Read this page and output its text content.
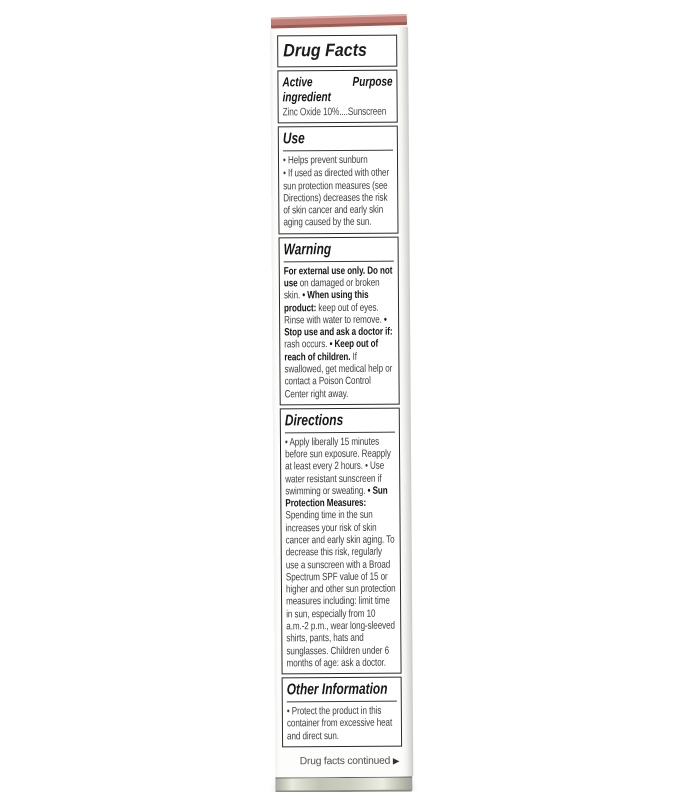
Drug Facts
Active ingredient
Purpose
Zinc Oxide 10%....Sunscreen
Use

• Helps prevent sunburn

• If used as directed with other sun protection measures (see Directions) decreases the risk of skin cancer and early skin aging caused by the sun.

Warning

For external use only. Do not use on damaged or broken skin. • When using this product: keep out of eyes. Rinse with water to remove. • Stop use and ask a doctor if: rash occurs. • Keep out of reach of children. If swallowed, get medical help or contact a Poison Control Center right away.

Directions

• Apply liberally 15 minutes before sun exposure. Reapply at least every 2 hours. • Use water resistant sunscreen if swimming or sweating. • Sun Protection Measures: Spending time in the sun increases your risk of skin cancer and early skin aging. To decrease this risk, regularly use a sunscreen with a Broad Spectrum SPF value of 15 or higher and other sun protection measures including: limit time in sun, especially from 10 a.m.-2 p.m., wear long-sleeved shirts, pants, hats and sunglasses. Children under 6 months of age: ask a doctor.

Other Information

• Protect the product in this container from excessive heat and direct sun.

Drug facts continued ▶
